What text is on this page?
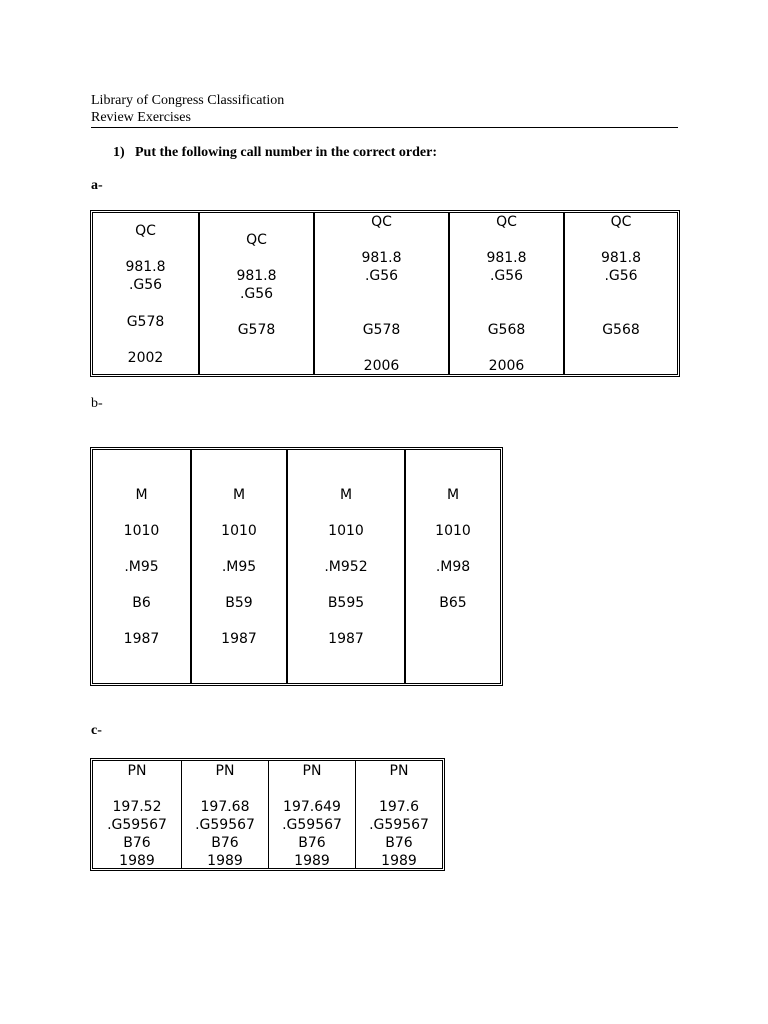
Library of Congress Classification
Review Exercises
1) Put the following call number in the correct order:
a-
QC
981.8
.G56
G578
2002
QC
981.8
.G56
G578
QC
981.8
.G56
G578
2006
QC
981.8
.G56
G568
2006
QC
981.8
.G56
G568
b-
M
1010
.M95
B6
1987
M
1010
.M95
B59
1987
M
1010
.M952
B595
1987
M
1010
.M98
B65
c-
PN
197.52
.G59567
B76
1989
PN
197.68
.G59567
B76
1989
PN
197.649
.G59567
B76
1989
PN
197.6
.G59567
B76
1989
